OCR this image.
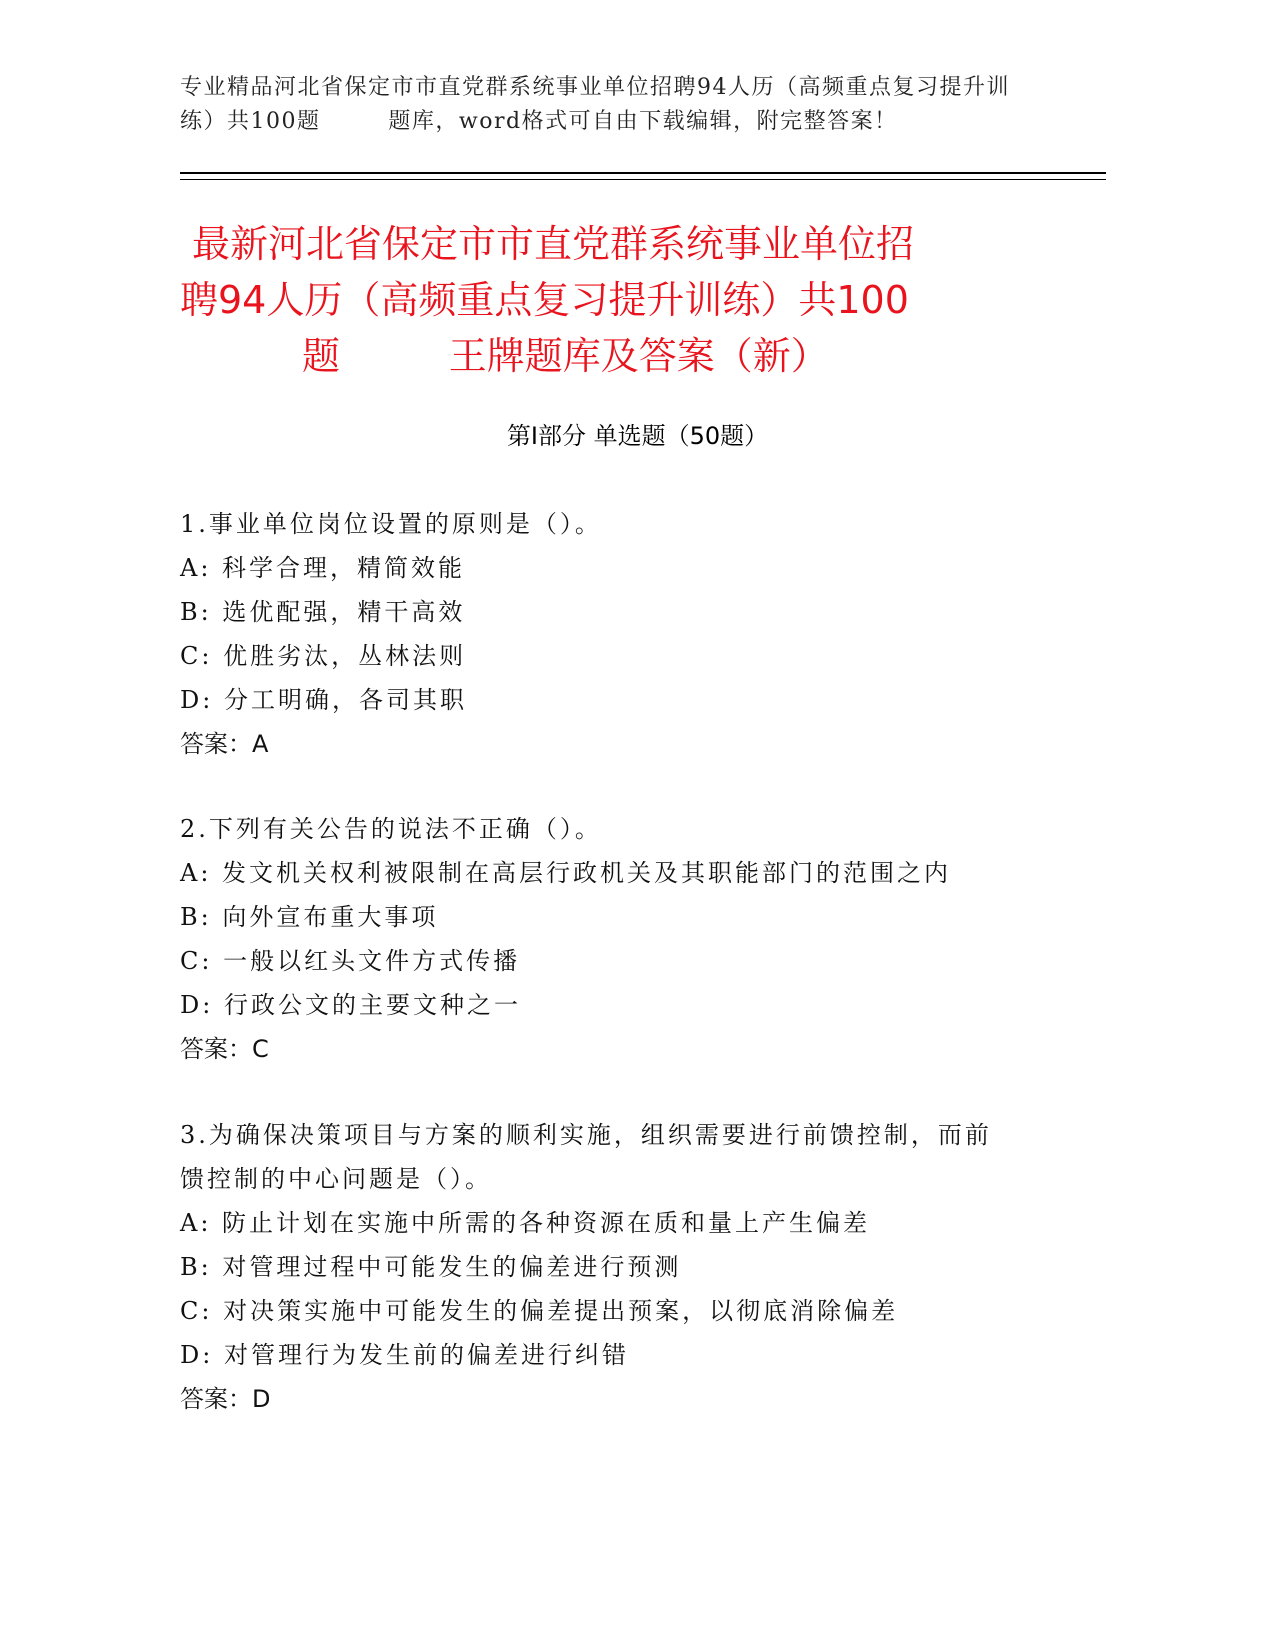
专业精品河北省保定市市直党群系统事业单位招聘94人历（高频重点复习提升训
练）共100题        题库，word格式可自由下载编辑，附完整答案！
最新河北省保定市市直党群系统事业单位招
聘94人历（高频重点复习提升训练）共100
题         王牌题库及答案（新）
第Ⅰ部分 单选题（50题）
1.事业单位岗位设置的原则是（）。
A: 科学合理，精简效能
B: 选优配强，精干高效
C: 优胜劣汰，丛林法则
D: 分工明确，各司其职
答案：A
2.下列有关公告的说法不正确（）。
A: 发文机关权利被限制在高层行政机关及其职能部门的范围之内
B: 向外宣布重大事项
C: 一般以红头文件方式传播
D: 行政公文的主要文种之一
答案：C
3.为确保决策项目与方案的顺利实施，组织需要进行前馈控制，而前
馈控制的中心问题是（）。
A: 防止计划在实施中所需的各种资源在质和量上产生偏差
B: 对管理过程中可能发生的偏差进行预测
C: 对决策实施中可能发生的偏差提出预案，以彻底消除偏差
D: 对管理行为发生前的偏差进行纠错
答案：D
